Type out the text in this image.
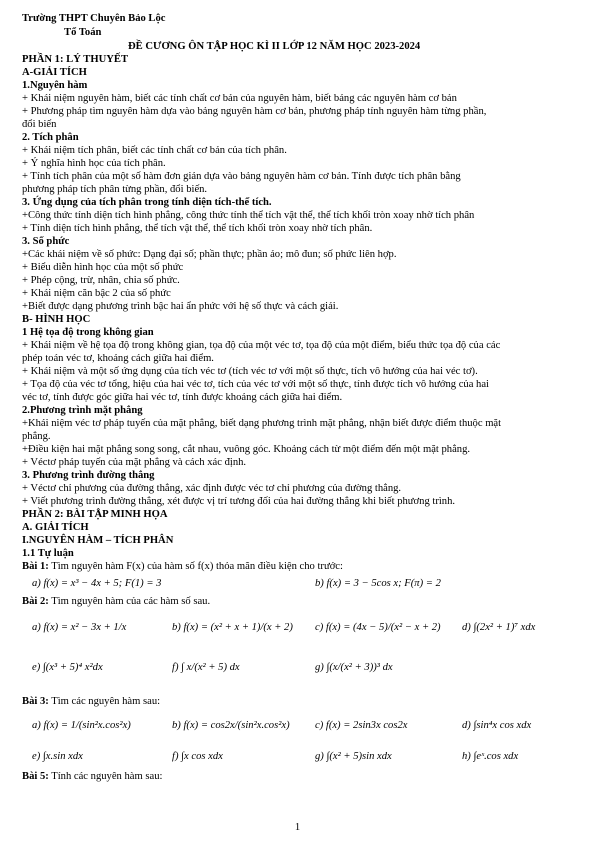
Trường THPT Chuyên Bảo Lộc
Tổ Toán
ĐỀ CƯƠNG ÔN TẬP HỌC KÌ II LỚP 12 NĂM HỌC 2023-2024
PHẦN 1: LÝ THUYẾT
A-GIẢI TÍCH
1.Nguyên hàm
+ Khái niệm nguyên hàm, biết các tính chất cơ bản của nguyên hàm, biết bảng các nguyên hàm cơ bản
+ Phương pháp tìm nguyên hàm dựa vào bảng nguyên hàm cơ bản, phương pháp tính nguyên hàm từng phần,
đổi biến
2. Tích phân
+ Khái niệm tích phân, biết các tính chất cơ bản của tích phân.
+ Ý nghĩa hình học của tích phân.
+ Tính tích phân của một số hàm đơn giản dựa vào bảng nguyên hàm cơ bản. Tính được tích phân bằng
phương pháp tích phân từng phần, đổi biến.
3. Ứng dụng của tích phân trong tính diện tích-thể tích.
+Công thức tính diện tích hình phẳng, công thức tính thể tích vật thể, thể tích khối tròn xoay nhờ tích phân
+ Tính diện tích hình phẳng, thể tích vật thể, thể tích khối tròn xoay nhờ tích phân.
3. Số phức
+Các khái niệm về số phức: Dạng đại số; phần thực; phần ảo; mô đun; số phức liên hợp.
+ Biểu diễn hình học của một số phức
+ Phép cộng, trừ, nhân, chia số phức.
+ Khái niệm căn bậc 2 của số phức
+Biết được dạng phương trình bậc hai ẩn phức với hệ số thực và cách giải.
B- HÌNH HỌC
1 Hệ tọa độ trong không gian
+ Khái niệm về hệ tọa độ trong không gian, tọa độ của một véc tơ, tọa độ của một điểm, biểu thức tọa độ của các
phép toán véc tơ, khoảng cách giữa hai điểm.
+ Khái niệm và một số ứng dụng của tích véc tơ (tích véc tơ với một số thực, tích vô hướng của hai véc tơ).
+ Tọa độ của véc tơ tổng, hiệu của hai véc tơ, tích của véc tơ với một số thực, tính được tích vô hướng của hai
véc tơ, tính được góc giữa hai véc tơ, tính được khoảng cách giữa hai điểm.
2.Phương trình mặt phẳng
+Khái niệm véc tơ pháp tuyến của mặt phẳng, biết dạng phương trình mặt phẳng, nhận biết được điểm thuộc mặt
phẳng.
+Điều kiện hai mặt phẳng song song, cắt nhau, vuông góc. Khoảng cách từ một điểm đến một mặt phẳng.
+ Véctơ pháp tuyến của mặt phẳng và cách xác định.
3. Phương trình đường thẳng
+ Véctơ chỉ phương của đường thẳng, xác định được véc tơ chỉ phương của đường thẳng.
+ Viết phương trình đường thẳng, xét được vị trí tương đối của hai đường thẳng khi biết phương trình.
PHẦN 2: BÀI TẬP MINH HỌA
A. GIẢI TÍCH
I.NGUYÊN HÀM – TÍCH PHÂN
1.1 Tự luận
Bài 1: Tìm nguyên hàm F(x) của hàm số f(x) thỏa mãn điều kiện cho trước:
a) f(x) = x³ − 4x + 5; F(1) = 3	b) f(x) = 3 − 5cos x; F(π) = 2
Bài 2: Tìm nguyên hàm của các hàm số sau.
a) f(x) = x² − 3x + 1/x	b) f(x) = (x² + x + 1)/(x + 2) c) f(x) = (4x − 5)/(x² − x + 2) d) ∫(2x² + 1)⁷ xdx
e) ∫(x³ + 5)⁴ x²dx	f) ∫ x/(x² + 5) dx	g) ∫(x/(x² + 3))³ dx
Bài 3: Tìm các nguyên hàm sau:
a) f(x) = 1/(sin²x.cos²x)	b) f(x) = cos2x/(sin²x.cos²x) c) f(x) = 2sin3x cos2x	d) ∫sin⁴x cos xdx
e) ∫x.sin xdx	f) ∫x cos xdx	g) ∫(x² + 5)sin xdx	h) ∫eˣ.cos xdx
Bài 5: Tính các nguyên hàm sau:
1
